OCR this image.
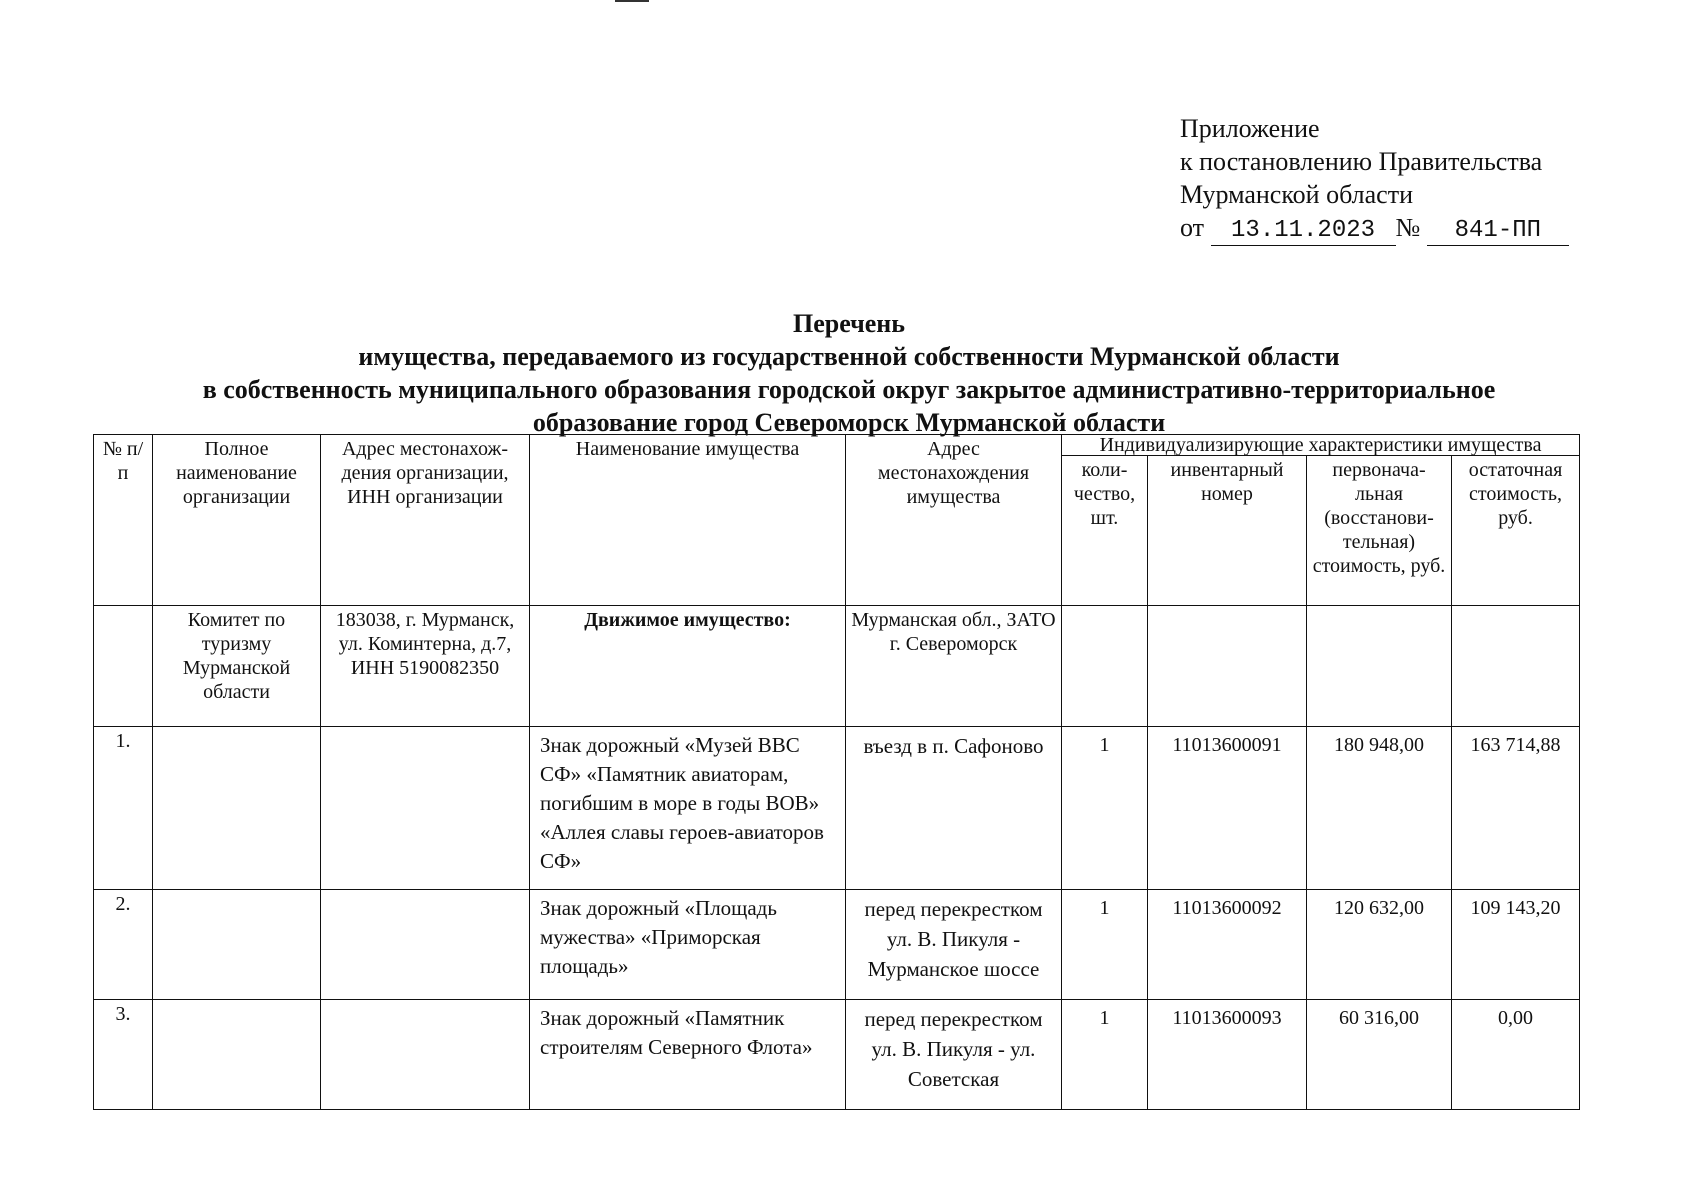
Приложение
к постановлению Правительства
Мурманской области
от 13.11.2023 № 841-ПП
Перечень
имущества, передаваемого из государственной собственности Мурманской области
в собственность муниципального образования городской округ закрытое административно-территориальное
образование город Североморск Мурманской области
№ п/п	Полное наименование организации	Адрес местонахож- дения организации, ИНН организации	Наименование имущества	Адрес местонахождения имущества	Индивидуализирующие характеристики имущества			
					коли- чество, шт.	инвентарный номер	первонача- льная (восстанови- тельная) стоимость, руб.	остаточная стоимость, руб.
	Комитет по туризму Мурманской области	183038, г. Мурманск, ул. Коминтерна, д.7, ИНН 5190082350	Движимое имущество:	Мурманская обл., ЗАТО г. Североморск				
1.			Знак дорожный «Музей ВВС СФ» «Памятник авиаторам, погибшим в море в годы ВОВ» «Аллея славы героев-авиаторов СФ»	въезд в п. Сафоново	1	11013600091	180 948,00	163 714,88
2.			Знак дорожный «Площадь мужества» «Приморская площадь»	перед перекрестком ул. В. Пикуля - Мурманское шоссе	1	11013600092	120 632,00	109 143,20
3.			Знак дорожный «Памятник строителям Северного Флота»	перед перекрестком ул. В. Пикуля - ул. Советская	1	11013600093	60 316,00	0,00
